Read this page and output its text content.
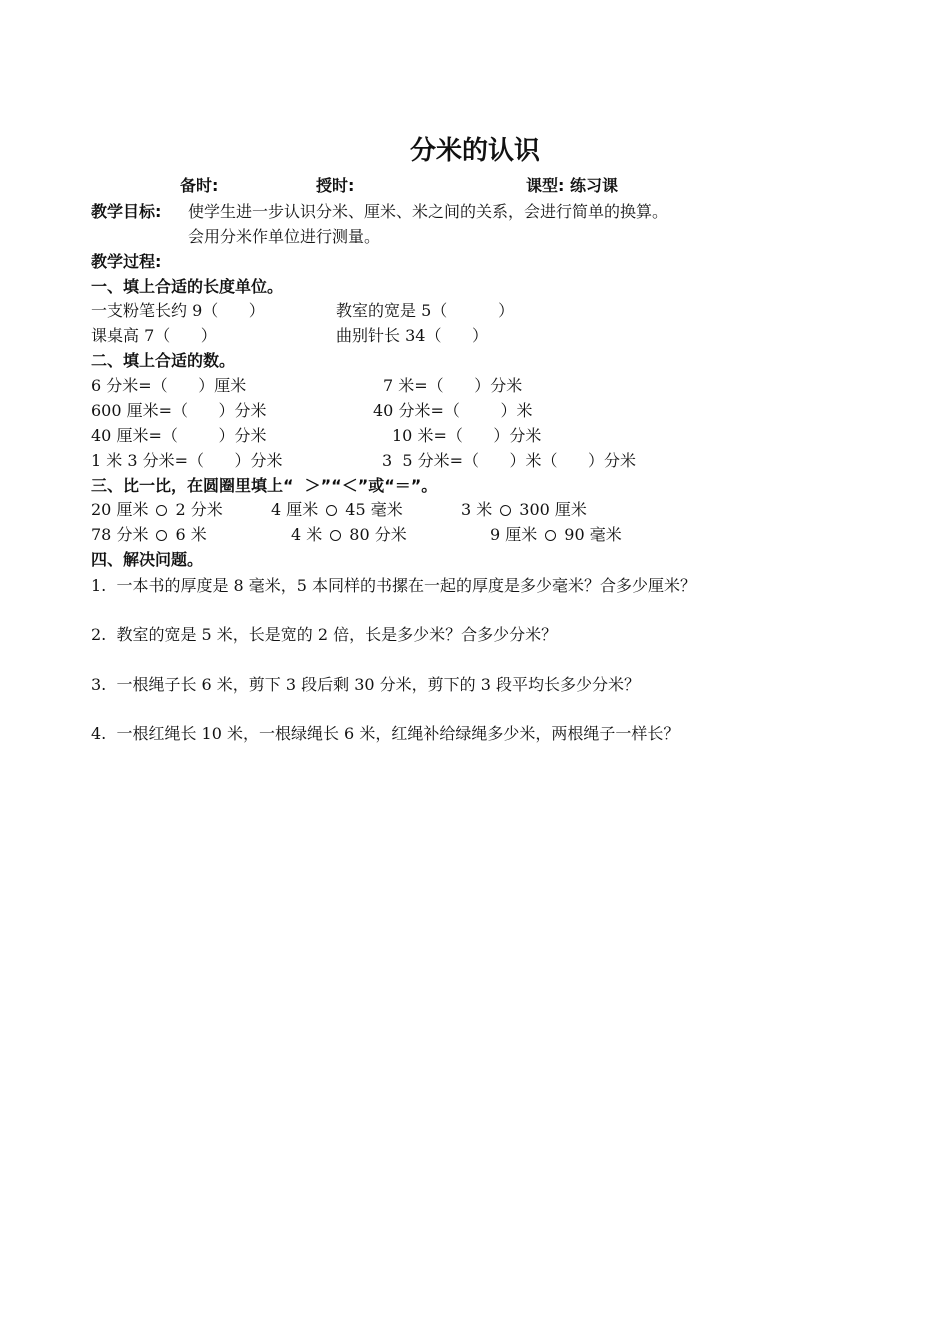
分米的认识
备时:	授时:	课型: 练习课
教学目标: 使学生进一步认识分米、厘米、米之间的关系，会进行简单的换算。
会用分米作单位进行测量。
教学过程:
一、填上合适的长度单位。
一支粉笔长约 9（      ）	教室的宽是 5（          ）
课桌高 7（      ）	曲别针长 34（      ）
二、填上合适的数。
6 分米=（      ）厘米	7 米=（      ）分米
600 厘米=（      ）分米	40 分米=（        ）米
40 厘米=（        ）分米	10 米=（      ）分米
1 米 3 分米=（      ）分米	3  5 分米=（      ）米（      ）分米
三、比一比，在圆圈里填上“  ＞”“＜”或“＝”。
20 厘米 2 分米	4 厘米 45 毫米	3 米 300 厘米
78 分米 6 米	4 米 80 分米	9 厘米 90 毫米
四、解决问题。
1.  一本书的厚度是 8 毫米，5 本同样的书摞在一起的厚度是多少毫米？合多少厘米？
2.  教室的宽是 5 米，长是宽的 2 倍，长是多少米？合多少分米？
3.  一根绳子长 6 米，剪下 3 段后剩 30 分米，剪下的 3 段平均长多少分米？
4.  一根红绳长 10 米，一根绿绳长 6 米，红绳补给绿绳多少米，两根绳子一样长？
